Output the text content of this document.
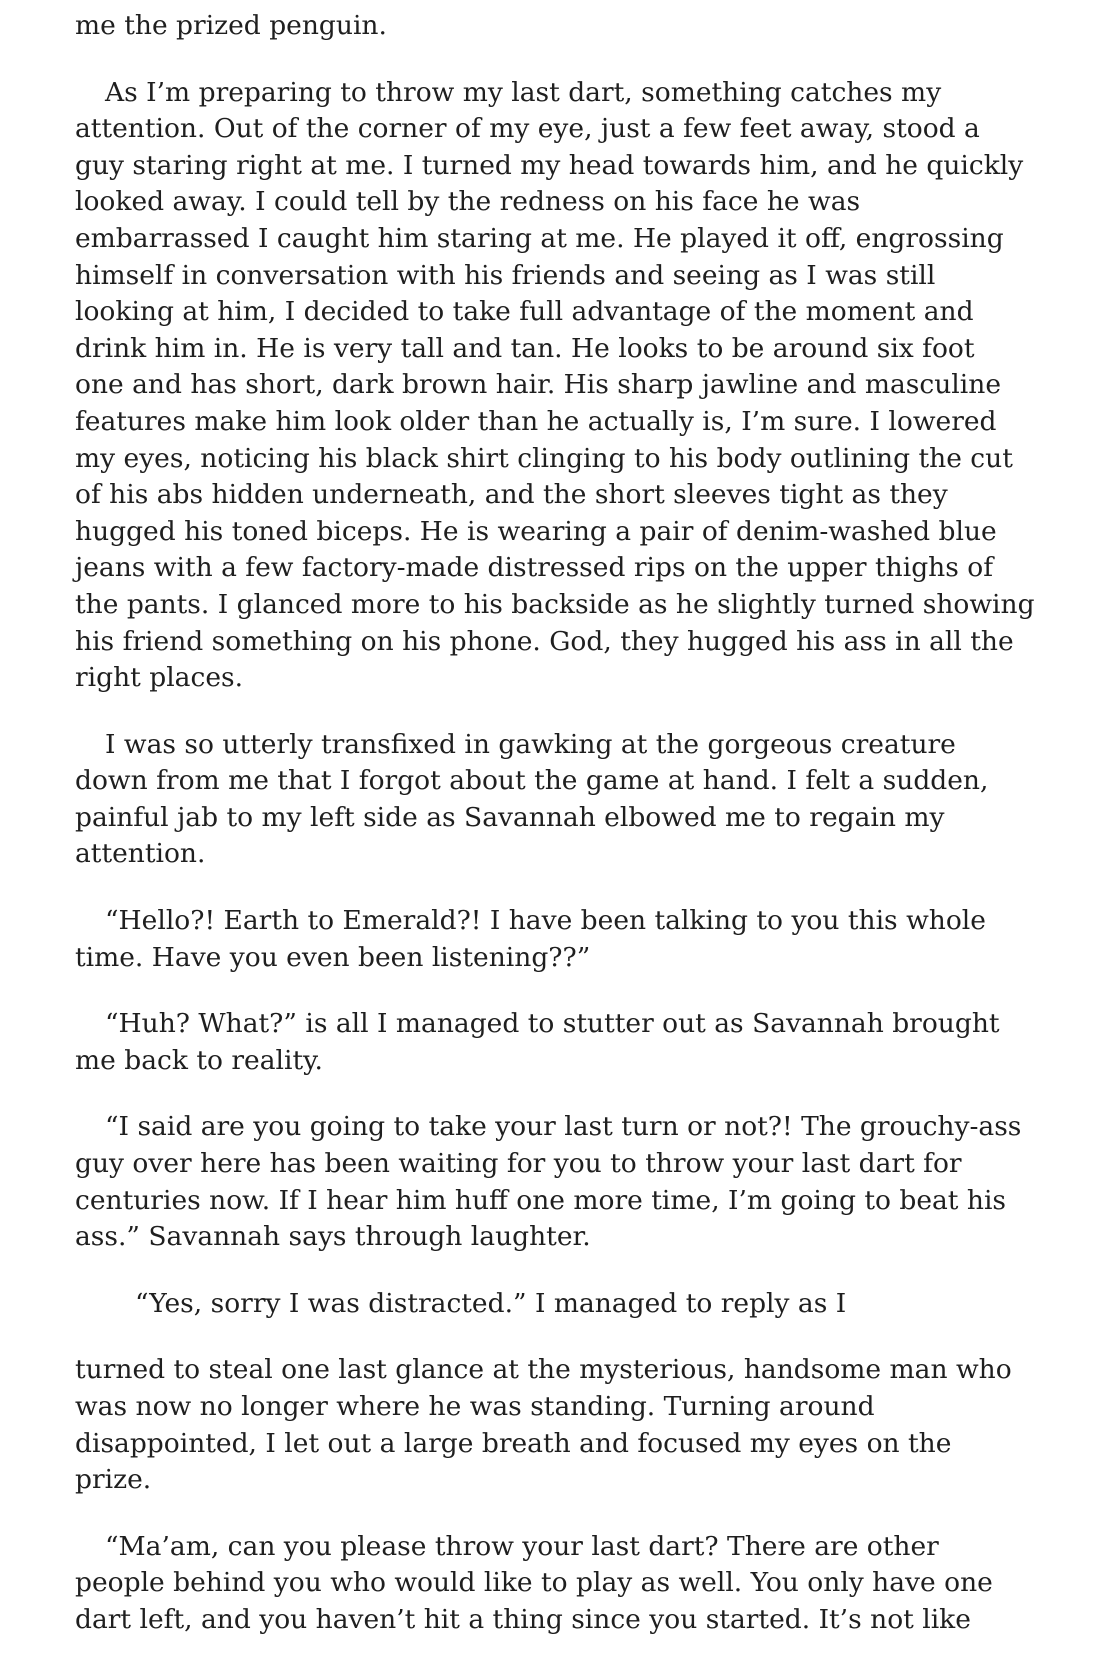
me the prized penguin.

As I’m preparing to throw my last dart, something catches my
attention. Out of the corner of my eye, just a few feet away, stood a
guy staring right at me. I turned my head towards him, and he quickly
looked away. I could tell by the redness on his face he was
embarrassed I caught him staring at me. He played it off, engrossing
himself in conversation with his friends and seeing as I was still
looking at him, I decided to take full advantage of the moment and
drink him in. He is very tall and tan. He looks to be around six foot
one and has short, dark brown hair. His sharp jawline and masculine
features make him look older than he actually is, I’m sure. I lowered
my eyes, noticing his black shirt clinging to his body outlining the cut
of his abs hidden underneath, and the short sleeves tight as they
hugged his toned biceps. He is wearing a pair of denim-washed blue
jeans with a few factory-made distressed rips on the upper thighs of
the pants. I glanced more to his backside as he slightly turned showing
his friend something on his phone. God, they hugged his ass in all the
right places.

I was so utterly transfixed in gawking at the gorgeous creature
down from me that I forgot about the game at hand. I felt a sudden,
painful jab to my left side as Savannah elbowed me to regain my
attention.

“Hello?! Earth to Emerald?! I have been talking to you this whole
time. Have you even been listening??”

“Huh? What?” is all I managed to stutter out as Savannah brought
me back to reality.

“I said are you going to take your last turn or not?! The grouchy-ass
guy over here has been waiting for you to throw your last dart for
centuries now. If I hear him huff one more time, I’m going to beat his
ass.” Savannah says through laughter.

“Yes, sorry I was distracted.” I managed to reply as I

turned to steal one last glance at the mysterious, handsome man who
was now no longer where he was standing. Turning around
disappointed, I let out a large breath and focused my eyes on the
prize.

“Ma’am, can you please throw your last dart? There are other
people behind you who would like to play as well. You only have one
dart left, and you haven’t hit a thing since you started. It’s not like
